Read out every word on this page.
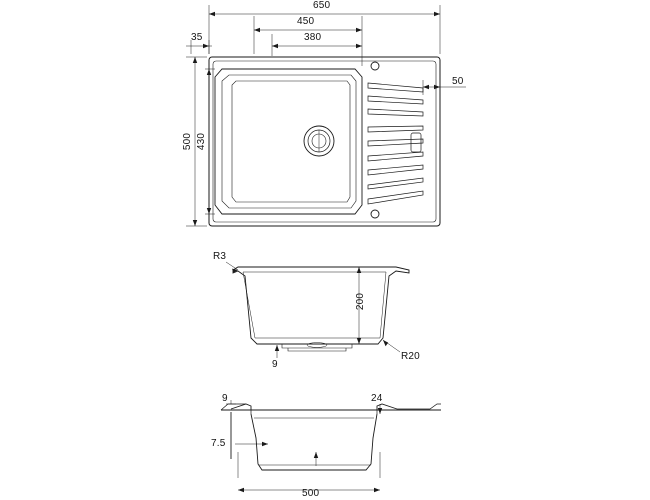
650
450
380
35
500 430
50
R3
200
R20
9
9	24
7.5
500
